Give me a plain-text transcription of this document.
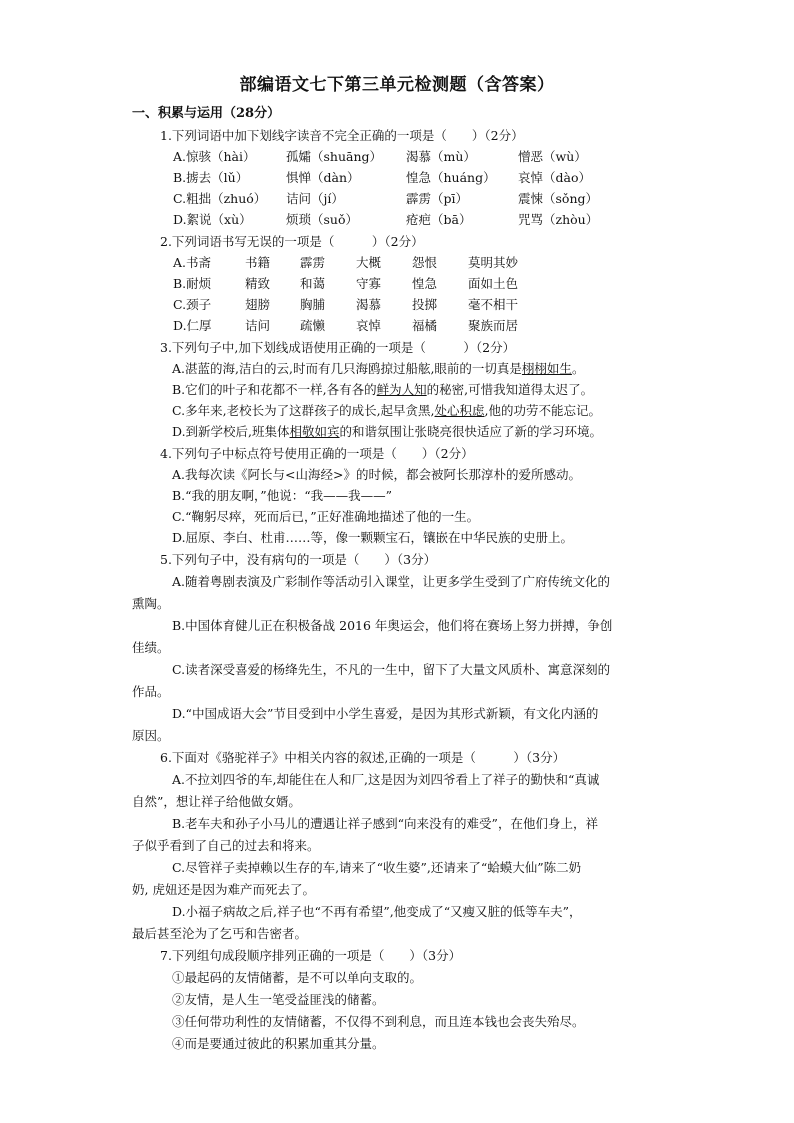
部编语文七下第三单元检测题（含答案）
一、积累与运用（28分）
1.下列词语中加下划线字读音不完全正确的一项是（　　）（2分）
A.惊骇（hài） 孤孀（shuāng） 渴慕（mù）	憎恶（wù）
B.掳去（lǔ）	惧惮（dàn）	惶急（huáng） 哀悼（dào）
C.粗拙（zhuó） 诘问（jí）	霹雳（pī）	震悚（sǒng）
D.絮说（xù）	烦琐（suǒ）	疮疤（bā）	咒骂（zhòu）
2.下列词语书写无误的一项是（　　　）（2分）
A.书斋	书籍 霹雳 大概 怨恨 莫明其妙
B.耐烦	精致 和蔼 守寡 惶急 面如土色
C.颈子	翅膀 胸脯 渴慕 投掷 毫不相干
D.仁厚	诘问 疏懒 哀悼 福橘 聚族而居
3.下列句子中,加下划线成语使用正确的一项是（　　　）（2分）
A.湛蓝的海,洁白的云,时而有几只海鸥掠过船舷,眼前的一切真是栩栩如生。
B.它们的叶子和花都不一样,各有各的鲜为人知的秘密,可惜我知道得太迟了。
C.多年来,老校长为了这群孩子的成长,起早贪黑,处心积虑,他的功劳不能忘记。
D.到新学校后,班集体相敬如宾的和谐氛围让张晓亮很快适应了新的学习环境。
4.下列句子中标点符号使用正确的一项是（　　）（2分）
A.我每次读《阿长与<山海经>》的时候，都会被阿长那淳朴的爱所感动。
B.“我的朋友啊，”他说：“我——我——”
C.“鞠躬尽瘁，死而后已，”正好准确地描述了他的一生。
D.屈原、李白、杜甫……等，像一颗颗宝石，镶嵌在中华民族的史册上。
5.下列句子中，没有病句的一项是（　　）（3分）
A.随着粤剧表演及广彩制作等活动引入课堂，让更多学生受到了广府传统文化的
熏陶。
B.中国体育健儿正在积极备战 2016 年奥运会，他们将在赛场上努力拼搏，争创
佳绩。
C.读者深受喜爱的杨绛先生，不凡的一生中，留下了大量文风质朴、寓意深刻的
作品。
D.“中国成语大会”节目受到中小学生喜爱，是因为其形式新颖，有文化内涵的
原因。
6.下面对《骆驼祥子》中相关内容的叙述,正确的一项是（　　　）（3分）
A.不拉刘四爷的车,却能住在人和厂,这是因为刘四爷看上了祥子的勤快和“真诚
自然”，想让祥子给他做女婿。
B.老车夫和孙子小马儿的遭遇让祥子感到“向来没有的难受”，在他们身上，祥
子似乎看到了自己的过去和将来。
C.尽管祥子卖掉赖以生存的车,请来了“收生婆”,还请来了“蛤蟆大仙”陈二奶
奶, 虎妞还是因为难产而死去了。
D.小福子病故之后,祥子也“不再有希望”,他变成了“又瘦又脏的低等车夫”，
最后甚至沦为了乞丐和告密者。
7.下列组句成段顺序排列正确的一项是（　　）（3分）
①最起码的友情储蓄，是不可以单向支取的。
②友情，是人生一笔受益匪浅的储蓄。
③任何带功利性的友情储蓄，不仅得不到利息，而且连本钱也会丧失殆尽。
④而是要通过彼此的积累加重其分量。
